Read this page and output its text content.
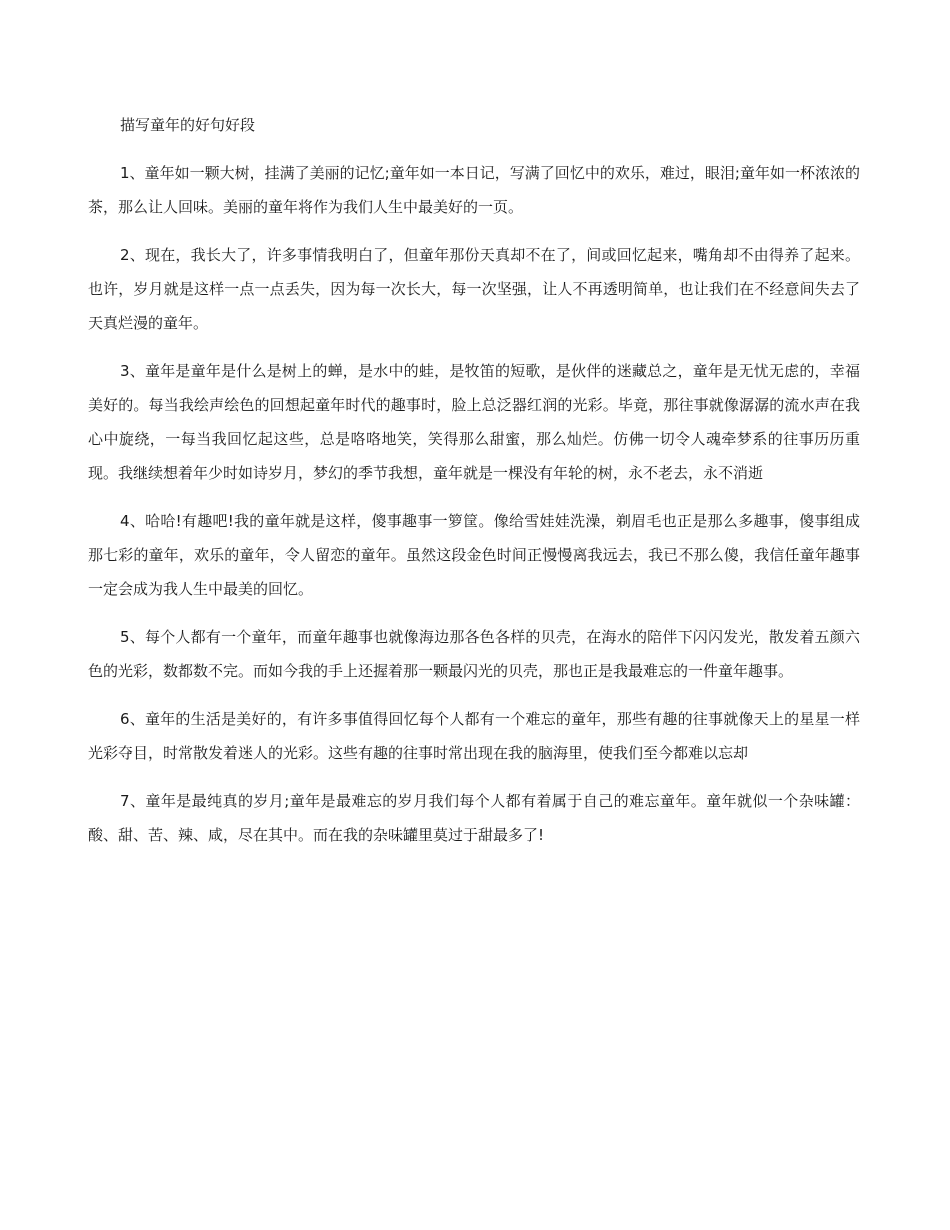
描写童年的好句好段

1、童年如一颗大树，挂满了美丽的记忆;童年如一本日记，写满了回忆中的欢乐，难过，眼泪;童年如一杯浓浓的茶，那么让人回味。美丽的童年将作为我们人生中最美好的一页。

2、现在，我长大了，许多事情我明白了，但童年那份天真却不在了，间或回忆起来，嘴角却不由得养了起来。也许，岁月就是这样一点一点丢失，因为每一次长大，每一次坚强，让人不再透明简单，也让我们在不经意间失去了天真烂漫的童年。

3、童年是童年是什么是树上的蝉，是水中的蛙，是牧笛的短歌，是伙伴的迷藏总之，童年是无忧无虑的，幸福美好的。每当我绘声绘色的回想起童年时代的趣事时，脸上总泛器红润的光彩。毕竟，那往事就像潺潺的流水声在我心中旋绕，一每当我回忆起这些，总是咯咯地笑，笑得那么甜蜜，那么灿烂。仿佛一切令人魂牵梦系的往事历历重现。我继续想着年少时如诗岁月，梦幻的季节我想，童年就是一棵没有年轮的树，永不老去，永不消逝

4、哈哈!有趣吧!我的童年就是这样，傻事趣事一箩筐。像给雪娃娃洗澡，剃眉毛也正是那么多趣事，傻事组成那七彩的童年，欢乐的童年，令人留恋的童年。虽然这段金色时间正慢慢离我远去，我已不那么傻，我信任童年趣事一定会成为我人生中最美的回忆。

5、每个人都有一个童年，而童年趣事也就像海边那各色各样的贝壳，在海水的陪伴下闪闪发光，散发着五颜六色的光彩，数都数不完。而如今我的手上还握着那一颗最闪光的贝壳，那也正是我最难忘的一件童年趣事。

6、童年的生活是美好的，有许多事值得回忆每个人都有一个难忘的童年，那些有趣的往事就像天上的星星一样光彩夺目，时常散发着迷人的光彩。这些有趣的往事时常出现在我的脑海里，使我们至今都难以忘却

7、童年是最纯真的岁月;童年是最难忘的岁月我们每个人都有着属于自己的难忘童年。童年就似一个杂味罐：酸、甜、苦、辣、咸，尽在其中。而在我的杂味罐里莫过于甜最多了!
